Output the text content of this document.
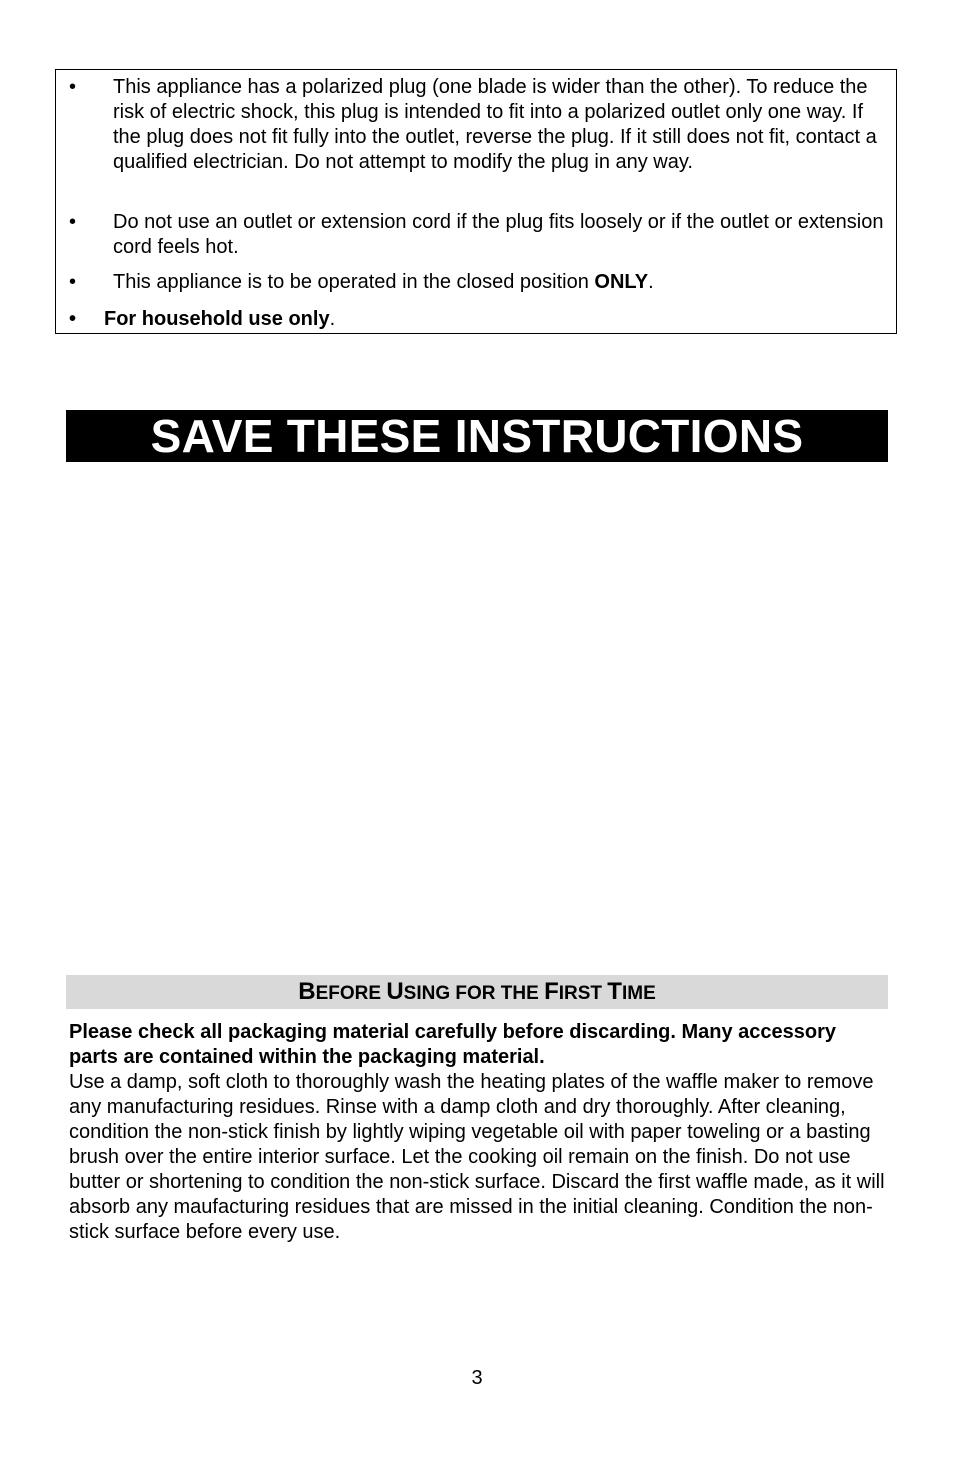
• This appliance has a polarized plug (one blade is wider than the other). To reduce the risk of electric shock, this plug is intended to fit into a polarized outlet only one way. If the plug does not fit fully into the outlet, reverse the plug. If it still does not fit, contact a qualified electrician. Do not attempt to modify the plug in any way.
• Do not use an outlet or extension cord if the plug fits loosely or if the outlet or extension cord feels hot.
• This appliance is to be operated in the closed position ONLY.
• For household use only.
SAVE THESE INSTRUCTIONS
BEFORE USING FOR THE FIRST TIME
Please check all packaging material carefully before discarding. Many accessory parts are contained within the packaging material.
Use a damp, soft cloth to thoroughly wash the heating plates of the waffle maker to remove any manufacturing residues. Rinse with a damp cloth and dry thoroughly. After cleaning, condition the non-stick finish by lightly wiping vegetable oil with paper toweling or a basting brush over the entire interior surface. Let the cooking oil remain on the finish. Do not use butter or shortening to condition the non-stick surface. Discard the first waffle made, as it will absorb any maufacturing residues that are missed in the initial cleaning. Condition the non-stick surface before every use.
3
